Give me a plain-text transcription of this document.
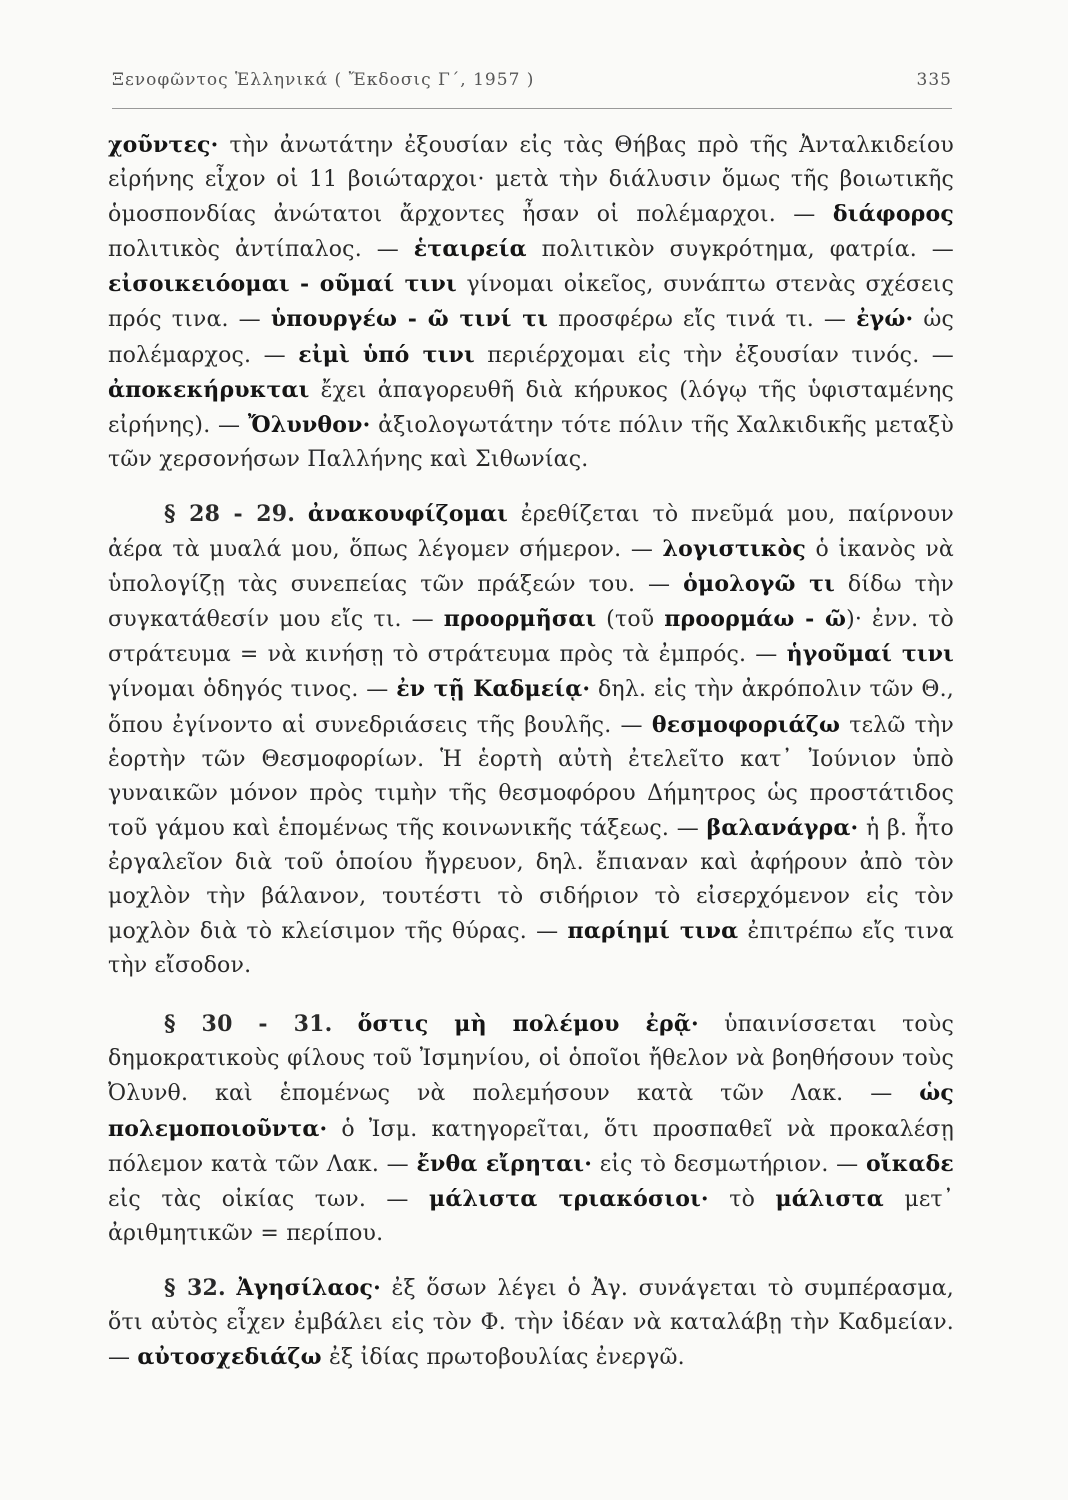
Ξενοφῶντος Ἑλληνικά ( Ἔκδοσις Γ΄, 1957 )	335

χοῦντες· τὴν ἀνωτάτην ἐξουσίαν εἰς τὰς Θήβας πρὸ τῆς Ἀνταλκιδείου εἰρήνης εἶχον οἱ 11 βοιώταρχοι· μετὰ τὴν διάλυσιν ὅμως τῆς βοιωτικῆς ὁμοσπονδίας ἀνώτατοι ἄρχοντες ἦσαν οἱ πολέμαρχοι. — διάφορος πολιτικὸς ἀντίπαλος. — ἑταιρεία πολιτικὸν συγκρότημα, φατρία. — εἰσοικειόομαι - οῦμαί τινι γίνομαι οἰκεῖος, συνάπτω στενὰς σχέσεις πρός τινα. — ὑπουργέω - ῶ τινί τι προσφέρω εἴς τινά τι. — ἐγώ· ὡς πολέμαρχος. — εἰμὶ ὑπό τινι περιέρχομαι εἰς τὴν ἐξουσίαν τινός. — ἀποκεκήρυκται ἔχει ἀπαγορευθῆ διὰ κήρυκος (λόγῳ τῆς ὑφισταμένης εἰρήνης). — Ὄλυνθον· ἀξιολογωτάτην τότε πόλιν τῆς Χαλκιδικῆς μεταξὺ τῶν χερσονήσων Παλλήνης καὶ Σιθωνίας.

§ 28 - 29. ἀνακουφίζομαι ἐρεθίζεται τὸ πνεῦμά μου, παίρνουν ἀέρα τὰ μυαλά μου, ὅπως λέγομεν σήμερον. — λογιστικὸς ὁ ἱκανὸς νὰ ὑπολογίζῃ τὰς συνεπείας τῶν πράξεών του. — ὁμολογῶ τι δίδω τὴν συγκατάθεσίν μου εἴς τι. — προορμῆσαι (τοῦ προορμάω - ῶ)· ἐνν. τὸ στράτευμα = νὰ κινήσῃ τὸ στράτευμα πρὸς τὰ ἐμπρός. — ἡγοῦμαί τινι γίνομαι ὁδηγός τινος. — ἐν τῇ Καδμείᾳ· δηλ. εἰς τὴν ἀκρόπολιν τῶν Θ., ὅπου ἐγίνοντο αἱ συνεδριάσεις τῆς βουλῆς. — θεσμοφοριάζω τελῶ τὴν ἑορτὴν τῶν Θεσμοφορίων. Ἡ ἑορτὴ αὐτὴ ἐτελεῖτο κατ᾽ Ἰούνιον ὑπὸ γυναικῶν μόνον πρὸς τιμὴν τῆς θεσμοφόρου Δήμητρος ὡς προστάτιδος τοῦ γάμου καὶ ἑπομένως τῆς κοινωνικῆς τάξεως. — βαλανάγρα· ἡ β. ἦτο ἐργαλεῖον διὰ τοῦ ὁποίου ἤγρευον, δηλ. ἔπιαναν καὶ ἀφήρουν ἀπὸ τὸν μοχλὸν τὴν βάλανον, τουτέστι τὸ σιδήριον τὸ εἰσερχόμενον εἰς τὸν μοχλὸν διὰ τὸ κλείσιμον τῆς θύρας. — παρίημί τινα ἐπιτρέπω εἴς τινα τὴν εἴσοδον.

§ 30 - 31. ὅστις μὴ πολέμου ἐρᾷ· ὑπαινίσσεται τοὺς δημοκρατικοὺς φίλους τοῦ Ἰσμηνίου, οἱ ὁποῖοι ἤθελον νὰ βοηθήσουν τοὺς Ὀλυνθ. καὶ ἑπομένως νὰ πολεμήσουν κατὰ τῶν Λακ. — ὡς πολεμοποιοῦντα· ὁ Ἰσμ. κατηγορεῖται, ὅτι προσπαθεῖ νὰ προκαλέσῃ πόλεμον κατὰ τῶν Λακ. — ἔνθα εἴρηται· εἰς τὸ δεσμωτήριον. — οἴκαδε εἰς τὰς οἰκίας των. — μάλιστα τριακόσιοι· τὸ μάλιστα μετ᾽ ἀριθμητικῶν = περίπου.

§ 32. Ἀγησίλαος· ἐξ ὅσων λέγει ὁ Ἀγ. συνάγεται τὸ συμπέρασμα, ὅτι αὐτὸς εἶχεν ἐμβάλει εἰς τὸν Φ. τὴν ἰδέαν νὰ καταλάβῃ τὴν Καδμείαν. — αὐτοσχεδιάζω ἐξ ἰδίας πρωτοβουλίας ἐνεργῶ.
